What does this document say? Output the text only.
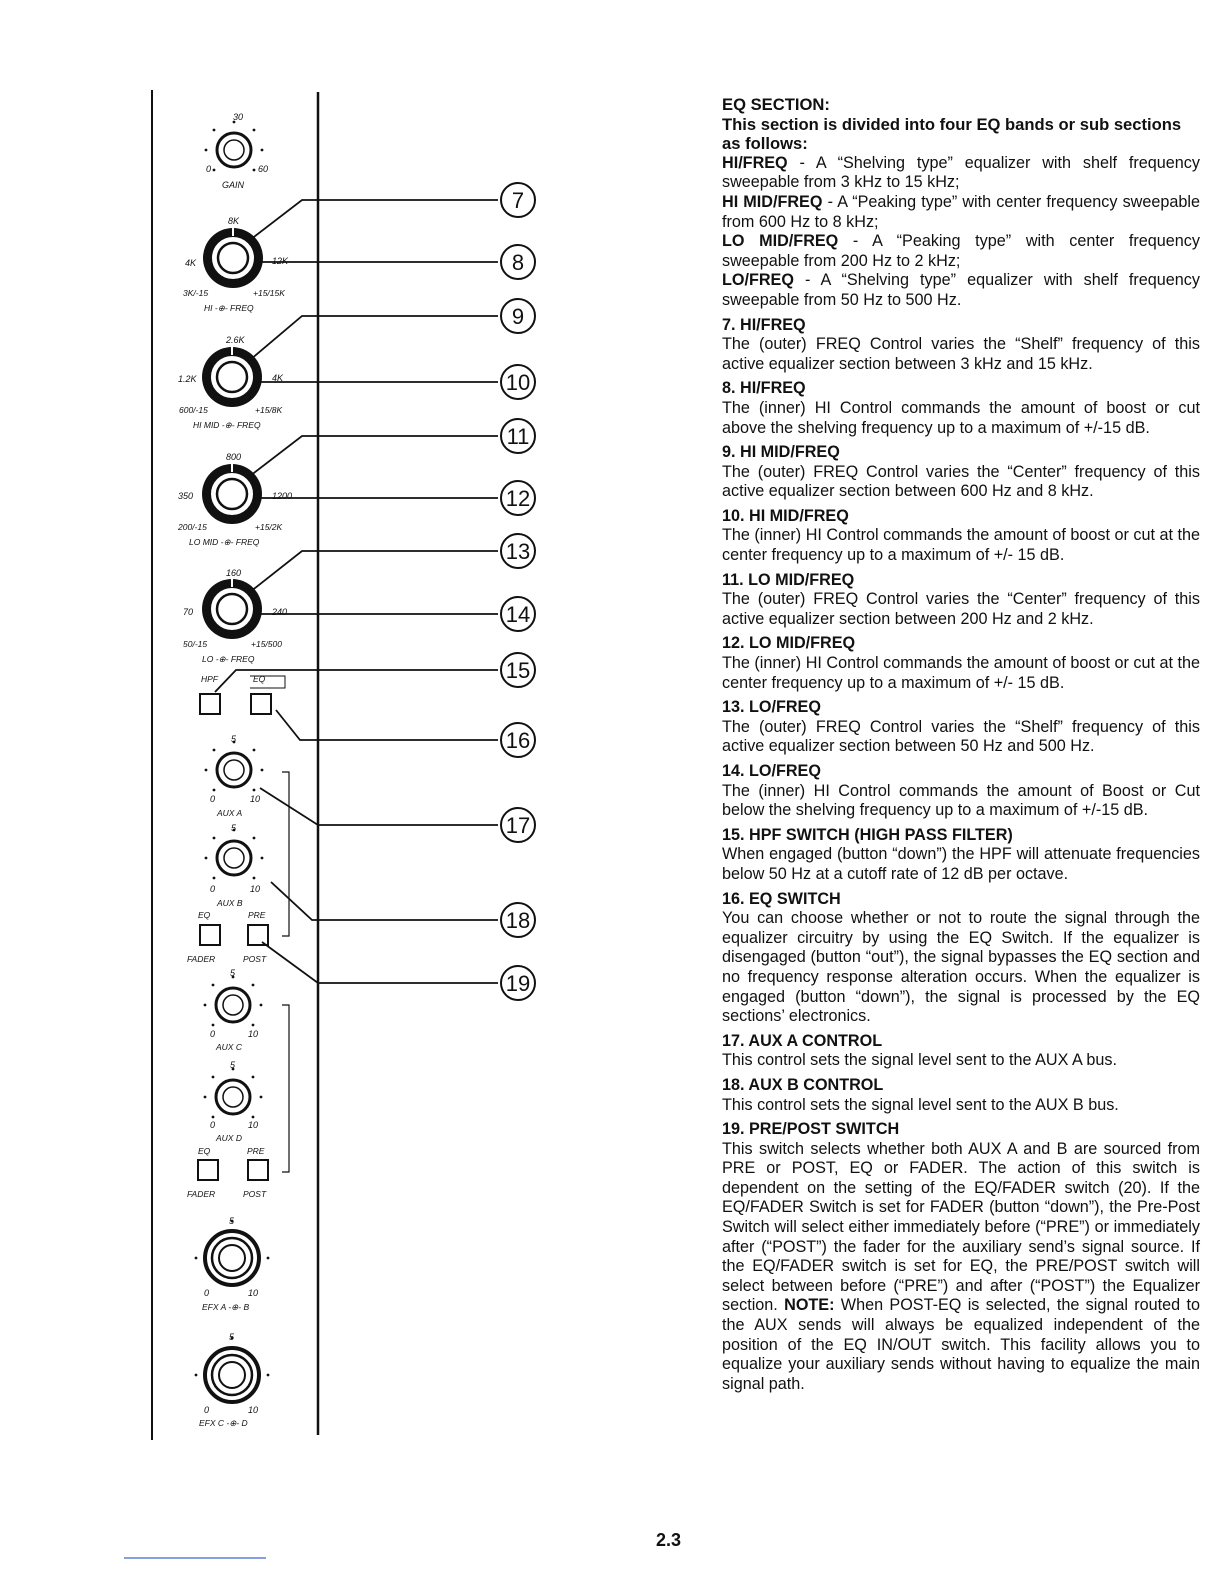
30
0	60
GAIN
8K
4K	12K
3K/-15	+15/15K
HI -⊕- FREQ
2.6K
1.2K	4K
600/-15	+15/8K
HI MID -⊕- FREQ
800
350	1200
200/-15	+15/2K
LO MID -⊕- FREQ
160
70	240
50/-15	+15/500
LO -⊕- FREQ
HPF	EQ
5
0	10
AUX A
5
0	10
AUX B
EQ	PRE
FADER	POST
5
0	10
AUX C
5
0	10
AUX D
EQ	PRE
FADER	POST
5
0	10
EFX A -⊕- B
5
0	10
EFX C -⊕- D
7
8
9
10
11
12
13
14
15
16
17
18
19

EQ SECTION:

This section is divided into four EQ bands or sub sections as follows:

HI/FREQ - A “Shelving type” equalizer with shelf frequency sweepable from 3 kHz to 15 kHz;

HI MID/FREQ - A “Peaking type” with center frequency sweepable from 600 Hz to 8 kHz;

LO MID/FREQ - A “Peaking type” with center frequency sweepable from 200 Hz to 2 kHz;

LO/FREQ - A “Shelving type” equalizer with shelf frequency sweepable from 50 Hz to 500 Hz.

7. HI/FREQ

The (outer) FREQ Control varies the “Shelf” frequency of this active equalizer section between 3 kHz and 15 kHz.

8. HI/FREQ

The (inner) HI Control commands the amount of boost or cut above the shelving frequency up to a maximum of +/-15 dB.

9. HI MID/FREQ

The (outer) FREQ Control varies the “Center” frequency of this active equalizer section between 600 Hz and 8 kHz.

10. HI MID/FREQ

The (inner) HI Control commands the amount of boost or cut at the center frequency up to a maximum of +/- 15 dB.

11. LO MID/FREQ

The (outer) FREQ Control varies the “Center” frequency of this active equalizer section between 200 Hz and 2 kHz.

12. LO MID/FREQ

The (inner) HI Control commands the amount of boost or cut at the center frequency up to a maximum of +/- 15 dB.

13. LO/FREQ

The (outer) FREQ Control varies the “Shelf” frequency of this active equalizer section between 50 Hz and 500 Hz.

14. LO/FREQ

The (inner) HI Control commands the amount of Boost or Cut below the shelving frequency up to a maximum of +/-15 dB.

15. HPF SWITCH (HIGH PASS FILTER)

When engaged (button “down”) the HPF will attenuate frequencies below 50 Hz at a cutoff rate of 12 dB per octave.

16. EQ SWITCH

You can choose whether or not to route the signal through the equalizer circuitry by using the EQ Switch. If the equalizer is disengaged (button “out”), the signal bypasses the EQ section and no frequency response alteration occurs. When the equalizer is engaged (button “down”), the signal is processed by the EQ sections’ electronics.

17. AUX A CONTROL

This control sets the signal level sent to the AUX A bus.

18. AUX B CONTROL

This control sets the signal level sent to the AUX B bus.

19. PRE/POST SWITCH

This switch selects whether both AUX A and B are sourced from PRE or POST, EQ or FADER. The action of this switch is dependent on the setting of the EQ/FADER switch (20). If the EQ/FADER Switch is set for FADER (button “down”), the Pre-Post Switch will select either immediately before (“PRE”) or immediately after (“POST”) the fader for the auxiliary send’s signal source. If the EQ/FADER switch is set for EQ, the PRE/POST switch will select between before (“PRE”) and after (“POST”) the Equalizer section. NOTE: When POST-EQ is selected, the signal routed to the AUX sends will always be equalized independent of the position of the EQ IN/OUT switch. This facility allows you to equalize your auxiliary sends without having to equalize the main signal path.

2.3
